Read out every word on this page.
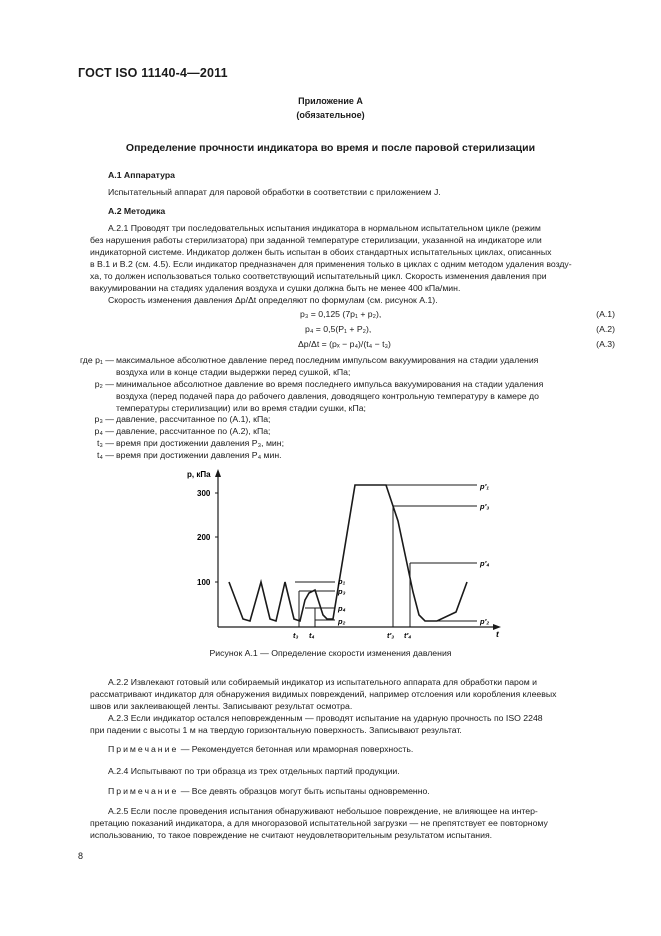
ГОСТ ISO 11140-4—2011
Приложение А
(обязательное)
Определение прочности индикатора во время и после паровой стерилизации
А.1 Аппаратура
Испытательный аппарат для паровой обработки в соответствии с приложением J.
А.2 Методика
А.2.1 Проводят три последовательных испытания индикатора в нормальном испытательном цикле (режим
без нарушения работы стерилизатора) при заданной температуре стерилизации, указанной на индикаторе или
индикаторной системе. Индикатор должен быть испытан в обоих стандартных испытательных циклах, описанных
в В.1 и В.2 (см. 4.5). Если индикатор предназначен для применения только в циклах с одним методом удаления возду-
ха, то должен использоваться только соответствующий испытательный цикл. Скорость изменения давления при
вакуумировании на стадиях удаления воздуха и сушки должна быть не менее 400 кПа/мин.
Скорость изменения давления Δp/Δt определяют по формулам (см. рисунок А.1).
p₃ = 0,125 (7p₁ + p₂),	(А.1)
p₄ = 0,5(P₁ + P₂),	(А.2)
Δp/Δt = (pₓ − p₄)/(t₄ − t₃)	(А.3)
где p₁ — максимальное абсолютное давление перед последним импульсом вакуумирования на стадии удаления
воздуха или в конце стадии выдержки перед сушкой, кПа;
p₂ — минимальное абсолютное давление во время последнего импульса вакуумирования на стадии удаления
воздуха (перед подачей пара до рабочего давления, доводящего контрольную температуру в камере до
температуры стерилизации) или во время стадии сушки, кПа;
p₃ — давление, рассчитанное по (А.1), кПа;
p₄ — давление, рассчитанное по (А.2), кПа;
t₃ — время при достижении давления P₃, мин;
t₄ — время при достижении давления P₄ мин.
p, кПа
t
300
200
100	p₁
p₃
p₄
p₂
p′₁
p′₃
p′₄
p′₂
t₃ t₄	t′₃ t′₄
Рисунок А.1 — Определение скорости изменения давления
А.2.2 Извлекают готовый или собираемый индикатор из испытательного аппарата для обработки паром и
рассматривают индикатор для обнаружения видимых повреждений, например отслоения или коробления клеевых
швов или заклеивающей ленты. Записывают результат осмотра.
А.2.3 Если индикатор остался неповрежденным — проводят испытание на ударную прочность по ISO 2248
при падении с высоты 1 м на твердую горизонтальную поверхность. Записывают результат.
Примечание — Рекомендуется бетонная или мраморная поверхность.
А.2.4 Испытывают по три образца из трех отдельных партий продукции.
Примечание — Все девять образцов могут быть испытаны одновременно.
А.2.5 Если после проведения испытания обнаруживают небольшое повреждение, не влияющее на интер-
претацию показаний индикатора, а для многоразовой испытательной загрузки — не препятствует ее повторному
использованию, то такое повреждение не считают неудовлетворительным результатом испытания.
8
